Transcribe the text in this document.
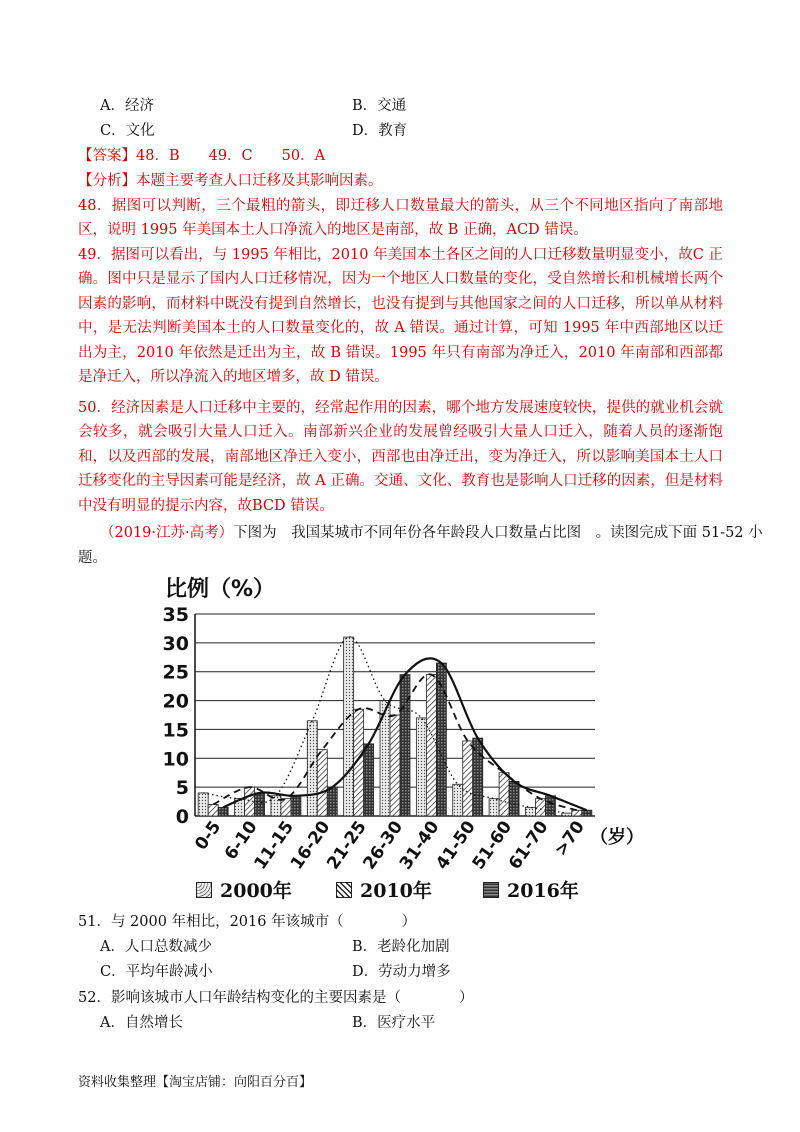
A．经济	B．交通
C．文化	D．教育
【答案】48．B　　49．C　　50．A
【分析】本题主要考查人口迁移及其影响因素。
48．据图可以判断，三个最粗的箭头，即迁移人口数量最大的箭头，从三个不同地区指向了南部地区，说明 1995 年美国本土人口净流入的地区是南部，故 B 正确，ACD 错误。
49．据图可以看出，与 1995 年相比，2010 年美国本土各区之间的人口迁移数量明显变小，故C 正确。图中只是显示了国内人口迁移情况，因为一个地区人口数量的变化，受自然增长和机械增长两个因素的影响，而材料中既没有提到自然增长，也没有提到与其他国家之间的人口迁移，所以单从材料中，是无法判断美国本土的人口数量变化的，故 A 错误。通过计算，可知 1995 年中西部地区以迁出为主，2010 年依然是迁出为主，故 B 错误。1995 年只有南部为净迁入，2010 年南部和西部都是净迁入，所以净流入的地区增多，故 D 错误。
50．经济因素是人口迁移中主要的，经常起作用的因素，哪个地方发展速度较快，提供的就业机会就会较多，就会吸引大量人口迁入。南部新兴企业的发展曾经吸引大量人口迁入，随着人员的逐渐饱和，以及西部的发展，南部地区净迁入变小，西部也由净迁出，变为净迁入，所以影响美国本土人口迁移变化的主导因素可能是经济，故 A 正确。交通、文化、教育也是影响人口迁移的因素，但是材料中没有明显的提示内容，故BCD 错误。
（2019·江苏·高考）下图为　我国某城市不同年份各年龄段人口数量占比图　。读图完成下面 51-52 小
题。
比例（%）
0
5
10
15
20
25
30
35
0-5
6-10
11-15
16-20
21-25
26-30
31-40
41-50
51-60
61-70
>70 （岁）
2000年	2010年	2016年
51．与 2000 年相比，2016 年该城市（　　　　）
A．人口总数减少	B．老龄化加剧
C．平均年龄减小	D．劳动力增多
52．影响该城市人口年龄结构变化的主要因素是（　　　　）
A．自然增长	B．医疗水平
资料收集整理【淘宝店铺：向阳百分百】
